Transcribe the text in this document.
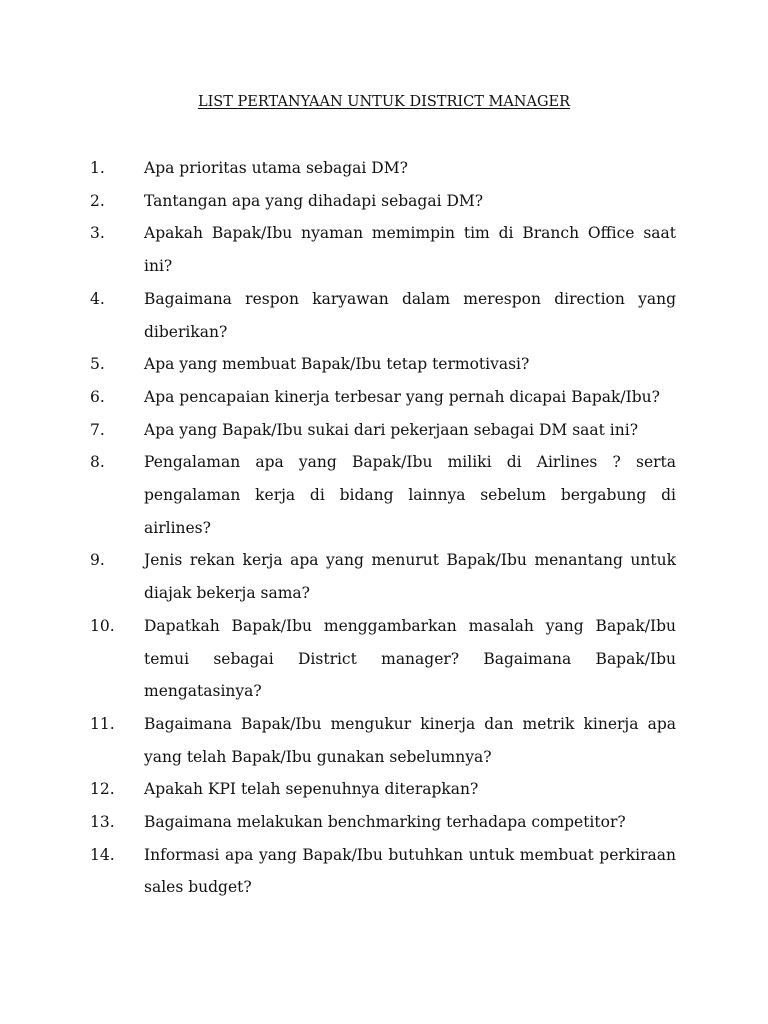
LIST PERTANYAAN UNTUK DISTRICT MANAGER
1.	Apa prioritas utama sebagai DM?
2.	Tantangan apa yang dihadapi sebagai DM?
3.	Apakah Bapak/Ibu nyaman memimpin tim di Branch Office saat ini?
4.	Bagaimana respon karyawan dalam merespon direction yang diberikan?
5.	Apa yang membuat Bapak/Ibu tetap termotivasi?
6.	Apa pencapaian kinerja terbesar yang pernah dicapai Bapak/Ibu?
7.	Apa yang Bapak/Ibu sukai dari pekerjaan sebagai DM saat ini?
8.	Pengalaman apa yang Bapak/Ibu miliki di Airlines ? serta pengalaman kerja di bidang lainnya sebelum bergabung di airlines?
9.	Jenis rekan kerja apa yang menurut Bapak/Ibu menantang untuk diajak bekerja sama?
10. Dapatkah Bapak/Ibu menggambarkan masalah yang Bapak/Ibu temui sebagai District manager? Bagaimana Bapak/Ibu mengatasinya?
11. Bagaimana Bapak/Ibu mengukur kinerja dan metrik kinerja apa yang telah Bapak/Ibu gunakan sebelumnya?
12. Apakah KPI telah sepenuhnya diterapkan?
13. Bagaimana melakukan benchmarking terhadapa competitor?
14. Informasi apa yang Bapak/Ibu butuhkan untuk membuat perkiraan sales budget?
